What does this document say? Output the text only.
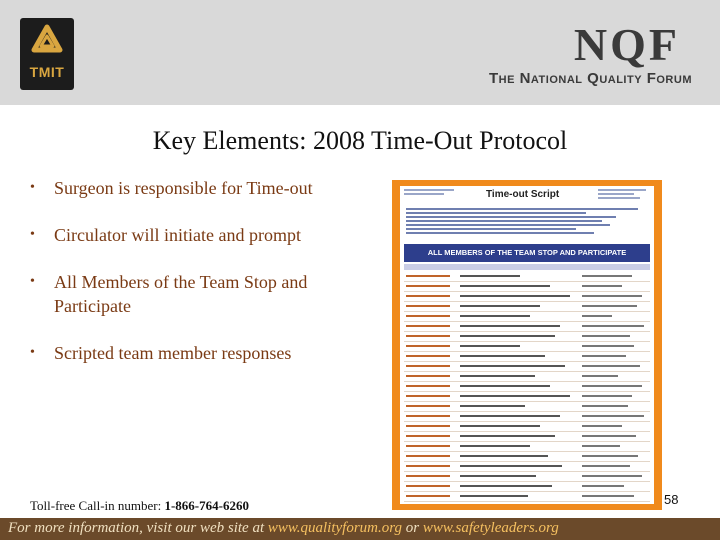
TMIT
NQF
The National Quality Forum
Key Elements: 2008 Time-Out Protocol
• Surgeon is responsible for Time-out
• Circulator will initiate and prompt
• All Members of the Team Stop and Participate
• Scripted team member responses
Time-out Script
ALL MEMBERS OF THE TEAM STOP AND PARTICIPATE
Toll-free Call-in number: 1-866-764-6260	58
For more information, visit our web site at www.qualityforum.org or www.safetyleaders.org
